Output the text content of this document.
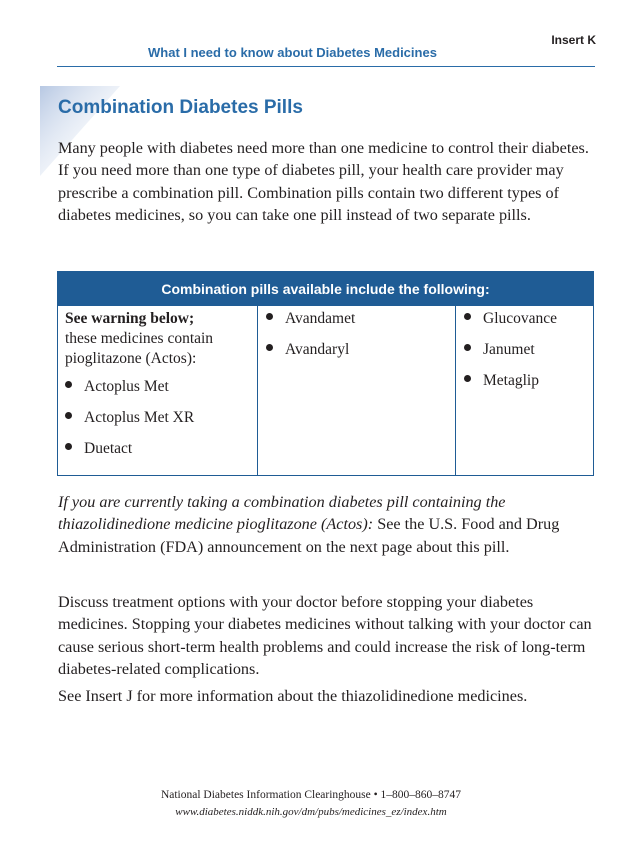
Insert K
What I need to know about Diabetes Medicines
Combination Diabetes Pills

Many people with diabetes need more than one medicine to control their diabetes. If you need more than one type of diabetes pill, your health care provider may prescribe a combination pill. Combination pills contain two different types of diabetes medicines, so you can take one pill instead of two separate pills.

Combination pills available include the following:
See warning below;
these medicines contain pioglitazone (Actos):
Actoplus Met
Actoplus Met XR
Duetact
Avandamet
Avandaryl
Glucovance
Janumet
Metaglip

If you are currently taking a combination diabetes pill containing the thiazolidinedione medicine pioglitazone (Actos): See the U.S. Food and Drug Administration (FDA) announcement on the next page about this pill.

Discuss treatment options with your doctor before stopping your diabetes medicines. Stopping your diabetes medicines without talking with your doctor can cause serious short-term health problems and could increase the risk of long-term diabetes-related complications.

See Insert J for more information about the thiazolidinedione medicines.

National Diabetes Information Clearinghouse • 1–800–860–8747
www.diabetes.niddk.nih.gov/dm/pubs/medicines_ez/index.htm
